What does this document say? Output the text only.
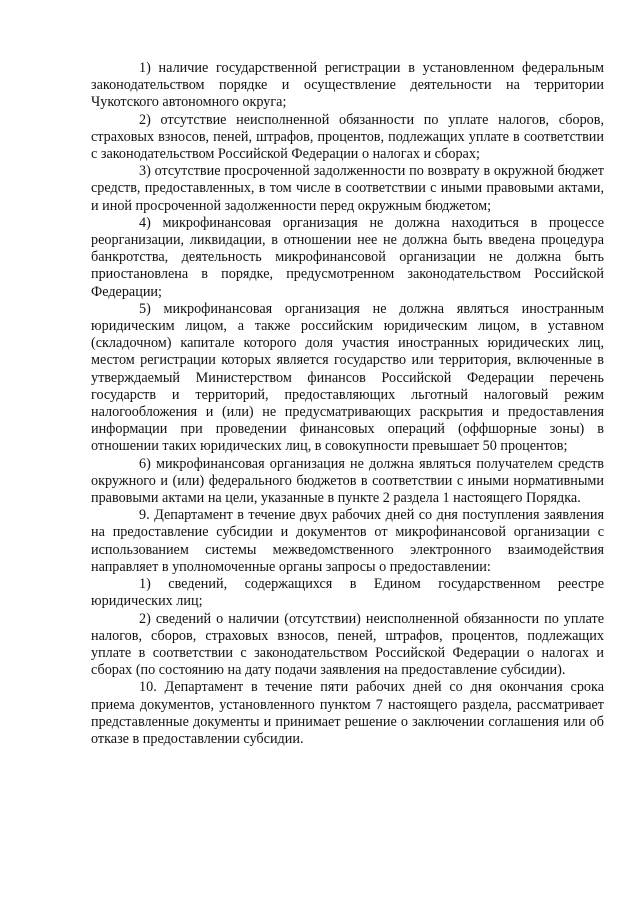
1) наличие государственной регистрации в установленном федеральным законодательством порядке и осуществление деятельности на территории Чукотского автономного округа;

2) отсутствие неисполненной обязанности по уплате налогов, сборов, страховых взносов, пеней, штрафов, процентов, подлежащих уплате в соответствии с законодательством Российской Федерации о налогах и сборах;

3) отсутствие просроченной задолженности по возврату в окружной бюджет средств, предоставленных, в том числе в соответствии с иными правовыми актами, и иной просроченной задолженности перед окружным бюджетом;

4) микрофинансовая организация не должна находиться в процессе реорганизации, ликвидации, в отношении нее не должна быть введена процедура банкротства, деятельность микрофинансовой организации не должна быть приостановлена в порядке, предусмотренном законодательством Российской Федерации;

5) микрофинансовая организация не должна являться иностранным юридическим лицом, а также российским юридическим лицом, в уставном (складочном) капитале которого доля участия иностранных юридических лиц, местом регистрации которых является государство или территория, включенные в утверждаемый Министерством финансов Российской Федерации перечень государств и территорий, предоставляющих льготный налоговый режим налогообложения и (или) не предусматривающих раскрытия и предоставления информации при проведении финансовых операций (оффшорные зоны) в отношении таких юридических лиц, в совокупности превышает 50 процентов;

6) микрофинансовая организация не должна являться получателем средств окружного и (или) федерального бюджетов в соответствии с иными нормативными правовыми актами на цели, указанные в пункте 2 раздела 1 настоящего Порядка.

9. Департамент в течение двух рабочих дней со дня поступления заявления на предоставление субсидии и документов от микрофинансовой организации с использованием системы межведомственного электронного взаимодействия направляет в уполномоченные органы запросы о предоставлении:

1) сведений, содержащихся в Едином государственном реестре юридических лиц;

2) сведений о наличии (отсутствии) неисполненной обязанности по уплате налогов, сборов, страховых взносов, пеней, штрафов, процентов, подлежащих уплате в соответствии с законодательством Российской Федерации о налогах и сборах (по состоянию на дату подачи заявления на предоставление субсидии).

10. Департамент в течение пяти рабочих дней со дня окончания срока приема документов, установленного пунктом 7 настоящего раздела, рассматривает представленные документы и принимает решение о заключении соглашения или об отказе в предоставлении субсидии.
